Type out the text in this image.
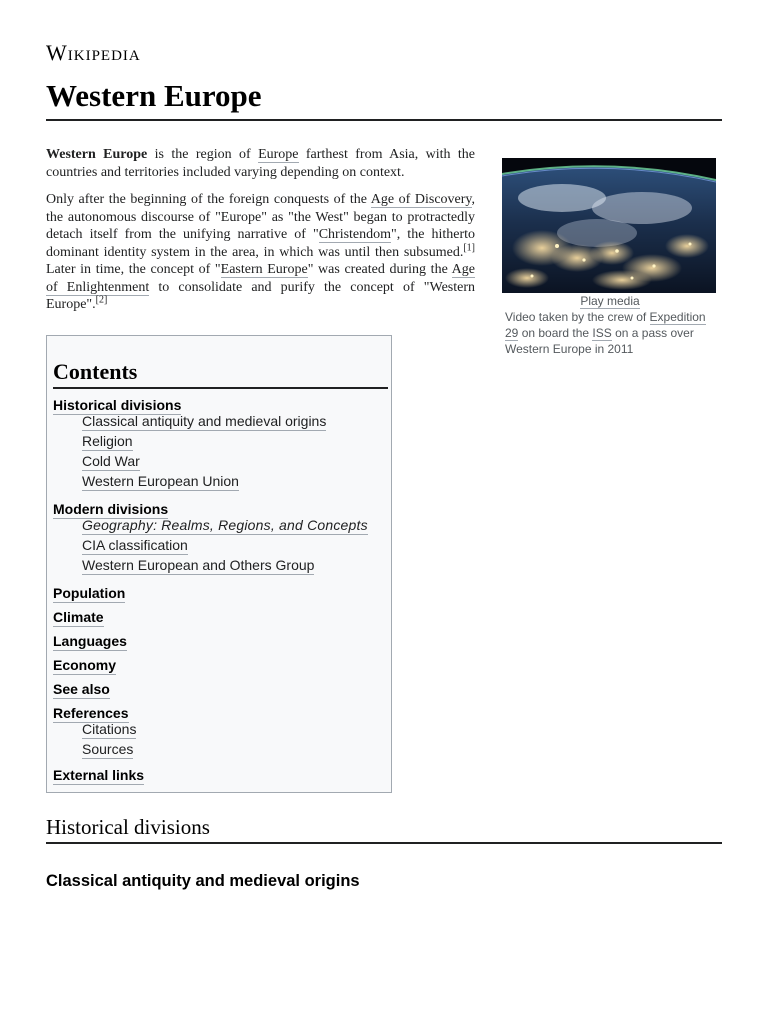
Wikipedia
Western Europe

Western Europe is the region of Europe farthest from Asia, with the countries and territories included varying depending on context.

Only after the beginning of the foreign conquests of the Age of Discovery, the autonomous discourse of "Europe" as "the West" began to protractedly detach itself from the unifying narrative of "Christendom", the hitherto dominant identity system in the area, in which was until then subsumed.[1] Later in time, the concept of "Eastern Europe" was created during the Age of Enlightenment to consolidate and purify the concept of "Western Europe".[2]	Play media
Video taken by the crew of Expedition 29 on board the ISS on a pass over Western Europe in 2011
Contents
Historical divisions
Classical antiquity and medieval origins
Religion
Cold War
Western European Union
Modern divisions
Geography: Realms, Regions, and Concepts
CIA classification
Western European and Others Group
Population
Climate
Languages
Economy
See also
References
Citations
Sources
External links
Historical divisions
Classical antiquity and medieval origins
